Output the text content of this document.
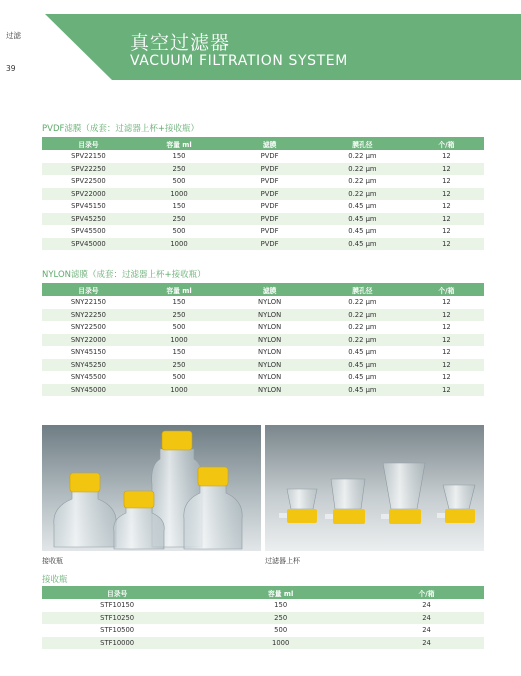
过滤
39
真空过滤器
VACUUM FILTRATION SYSTEM
PVDF滤膜（成套：过滤器上杯+接收瓶）
目录号	容量 ml	滤膜	膜孔径	个/箱
SPV22150	150	PVDF	0.22 μm	12
SPV22250	250	PVDF	0.22 μm	12
SPV22500	500	PVDF	0.22 μm	12
SPV22000	1000	PVDF	0.22 μm	12
SPV45150	150	PVDF	0.45 μm	12
SPV45250	250	PVDF	0.45 μm	12
SPV45500	500	PVDF	0.45 μm	12
SPV45000	1000	PVDF	0.45 μm	12
NYLON滤膜（成套：过滤器上杯+接收瓶）
目录号	容量 ml	滤膜	膜孔径	个/箱
SNY22150	150	NYLON	0.22 μm	12
SNY22250	250	NYLON	0.22 μm	12
SNY22500	500	NYLON	0.22 μm	12
SNY22000	1000	NYLON	0.22 μm	12
SNY45150	150	NYLON	0.45 μm	12
SNY45250	250	NYLON	0.45 μm	12
SNY45500	500	NYLON	0.45 μm	12
SNY45000	1000	NYLON	0.45 μm	12
接收瓶	过滤器上杯
接收瓶
目录号	容量 ml	个/箱
STF10150	150	24
STF10250	250	24
STF10500	500	24
STF10000	1000	24
